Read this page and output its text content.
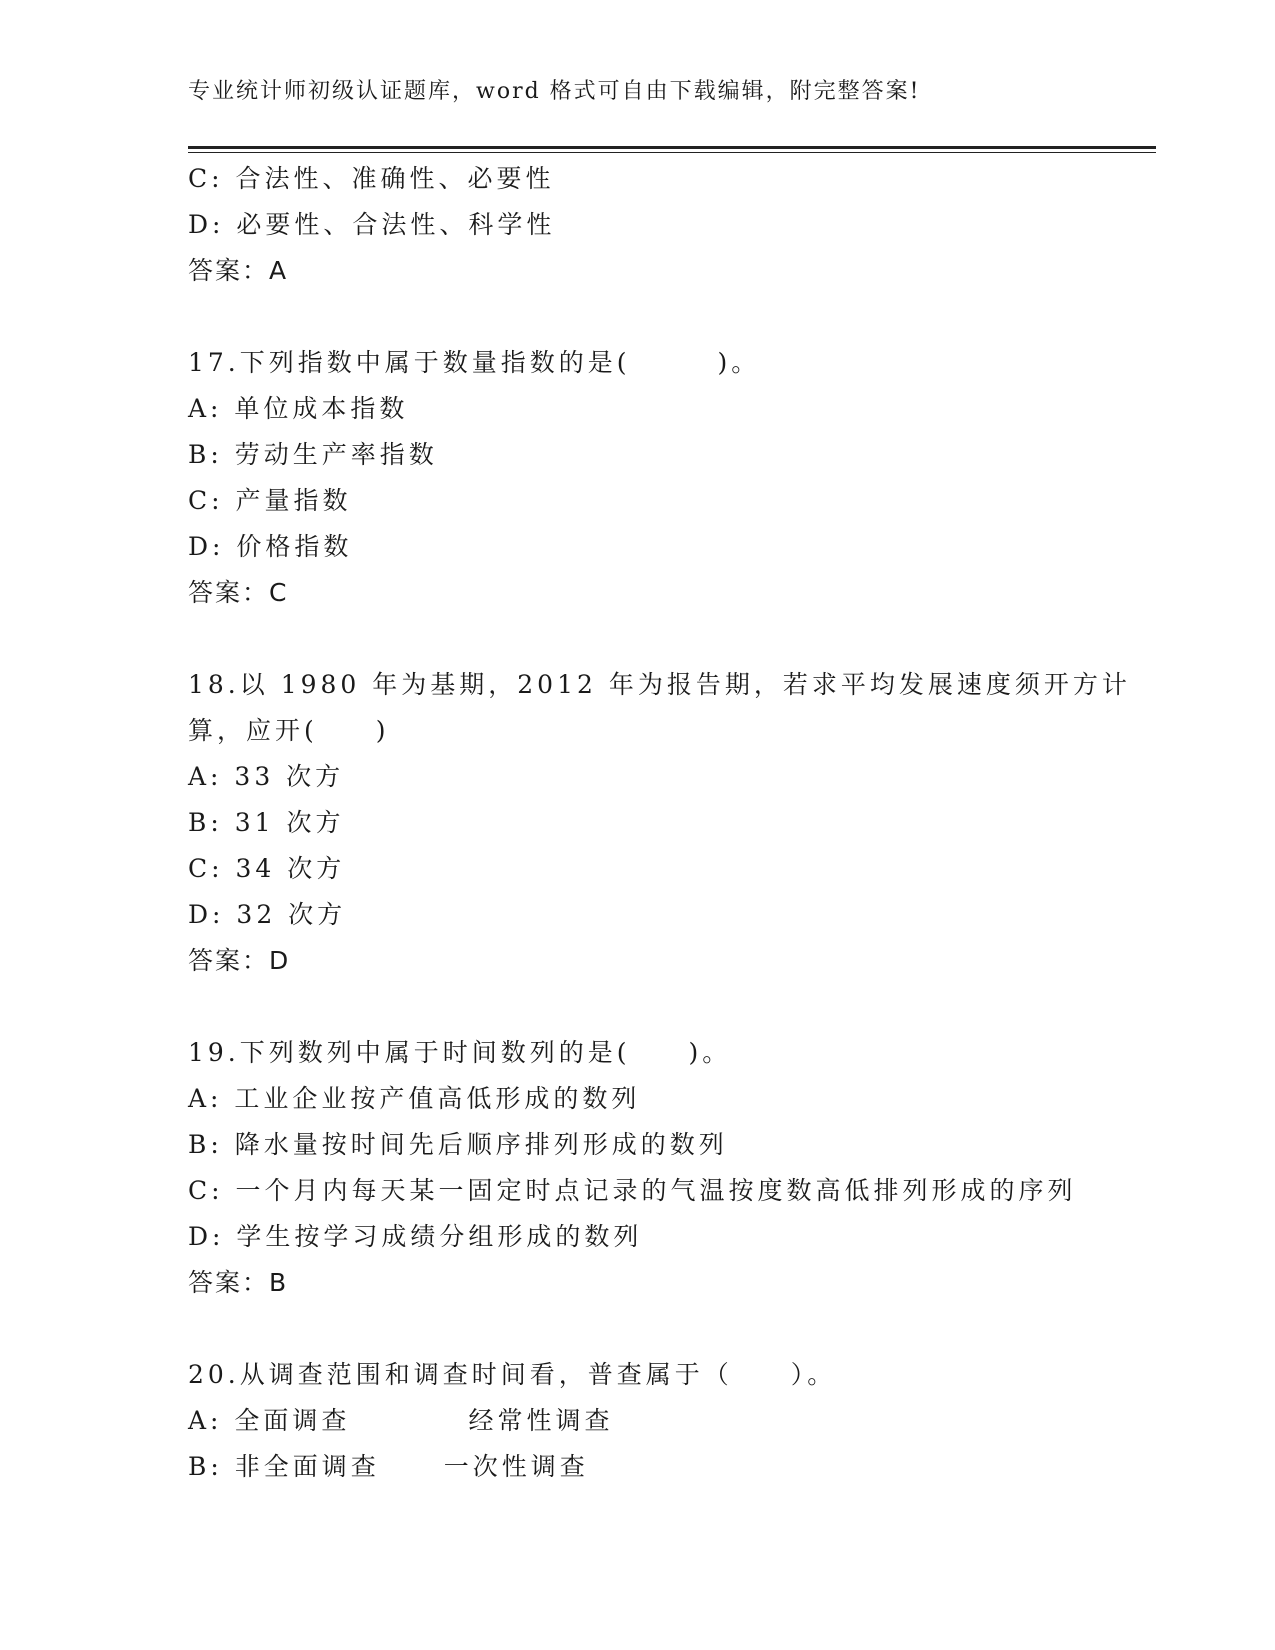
专业统计师初级认证题库，word 格式可自由下载编辑，附完整答案!
C: 合法性、准确性、必要性
D: 必要性、合法性、科学性
答案：A
17.下列指数中属于数量指数的是(　　　)。
A: 单位成本指数
B: 劳动生产率指数
C: 产量指数
D: 价格指数
答案：C
18.以 1980 年为基期，2012 年为报告期，若求平均发展速度须开方计
算，应开(　　)
A: 33 次方
B: 31 次方
C: 34 次方
D: 32 次方
答案：D
19.下列数列中属于时间数列的是(　　)。
A: 工业企业按产值高低形成的数列
B: 降水量按时间先后顺序排列形成的数列
C: 一个月内每天某一固定时点记录的气温按度数高低排列形成的序列
D: 学生按学习成绩分组形成的数列
答案：B
20.从调查范围和调查时间看，普查属于（　　）。
A: 全面调查	经常性调查
B: 非全面调查	一次性调查
